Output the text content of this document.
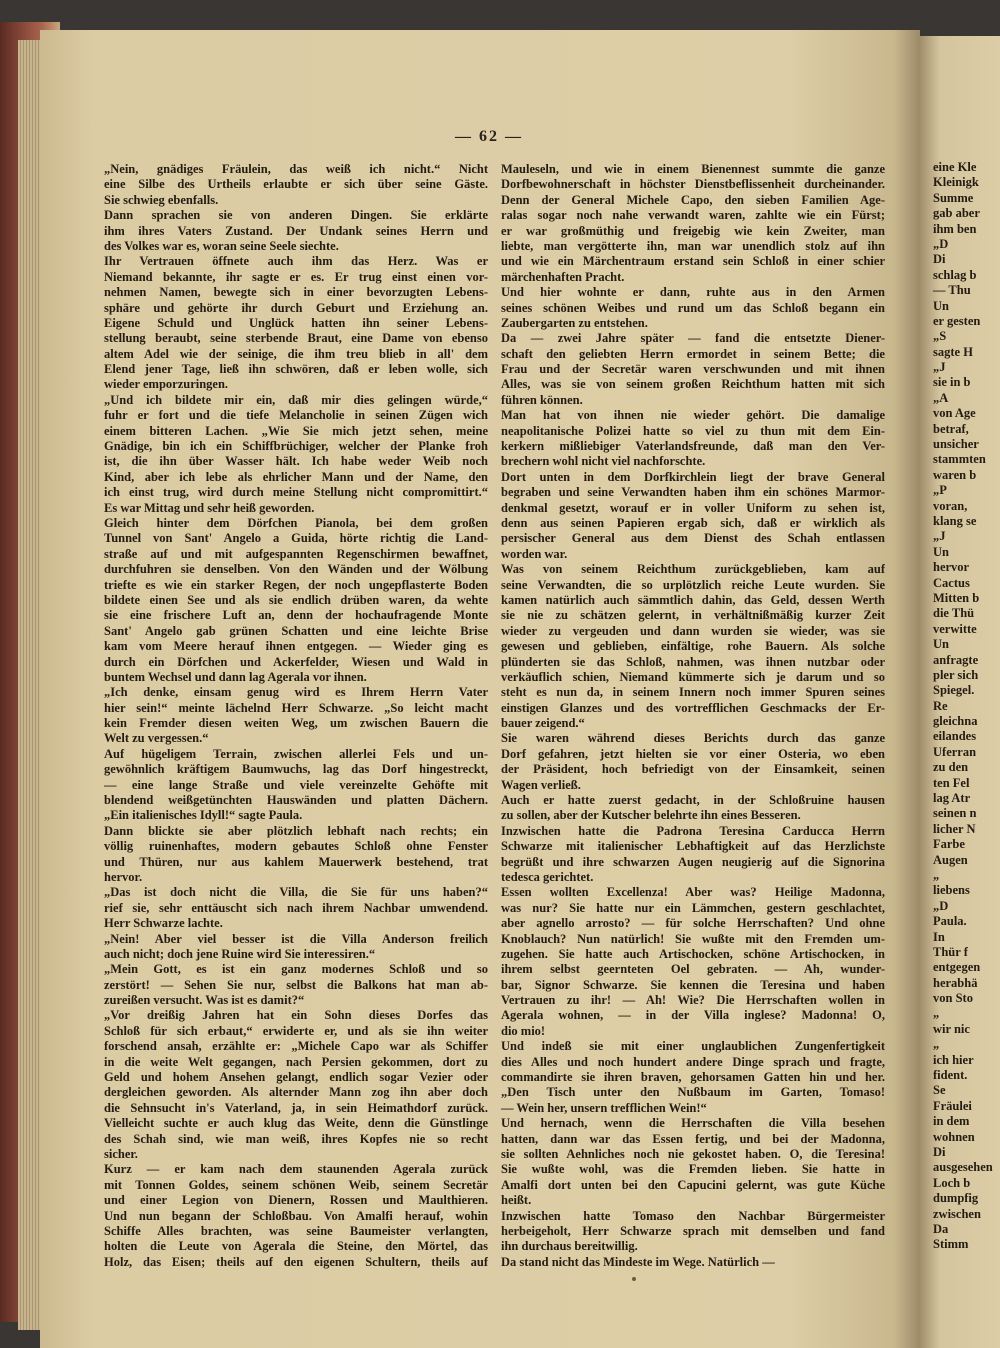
— 62 —
„Nein, gnädiges Fräulein, das weiß ich nicht.“ Nicht
eine Silbe des Urtheils erlaubte er sich über seine Gäste.
Sie schwieg ebenfalls.
Dann sprachen sie von anderen Dingen. Sie erklärte
ihm ihres Vaters Zustand. Der Undank seines Herrn und
des Volkes war es, woran seine Seele siechte.
Ihr Vertrauen öffnete auch ihm das Herz. Was er
Niemand bekannte, ihr sagte er es. Er trug einst einen vor-
nehmen Namen, bewegte sich in einer bevorzugten Lebens-
sphäre und gehörte ihr durch Geburt und Erziehung an.
Eigene Schuld und Unglück hatten ihn seiner Lebens-
stellung beraubt, seine sterbende Braut, eine Dame von ebenso
altem Adel wie der seinige, die ihm treu blieb in all' dem
Elend jener Tage, ließ ihn schwören, daß er leben wolle, sich
wieder emporzuringen.
„Und ich bildete mir ein, daß mir dies gelingen würde,“
fuhr er fort und die tiefe Melancholie in seinen Zügen wich
einem bitteren Lachen. „Wie Sie mich jetzt sehen, meine
Gnädige, bin ich ein Schiffbrüchiger, welcher der Planke froh
ist, die ihn über Wasser hält. Ich habe weder Weib noch
Kind, aber ich lebe als ehrlicher Mann und der Name, den
ich einst trug, wird durch meine Stellung nicht compromittirt.“
Es war Mittag und sehr heiß geworden.
Gleich hinter dem Dörfchen Pianola, bei dem großen
Tunnel von Sant' Angelo a Guida, hörte richtig die Land-
straße auf und mit aufgespannten Regenschirmen bewaffnet,
durchfuhren sie denselben. Von den Wänden und der Wölbung
triefte es wie ein starker Regen, der noch ungepflasterte Boden
bildete einen See und als sie endlich drüben waren, da wehte
sie eine frischere Luft an, denn der hochaufragende Monte
Sant' Angelo gab grünen Schatten und eine leichte Brise
kam vom Meere herauf ihnen entgegen. — Wieder ging es
durch ein Dörfchen und Ackerfelder, Wiesen und Wald in
buntem Wechsel und dann lag Agerala vor ihnen.
„Ich denke, einsam genug wird es Ihrem Herrn Vater
hier sein!“ meinte lächelnd Herr Schwarze. „So leicht macht
kein Fremder diesen weiten Weg, um zwischen Bauern die
Welt zu vergessen.“
Auf hügeligem Terrain, zwischen allerlei Fels und un-
gewöhnlich kräftigem Baumwuchs, lag das Dorf hingestreckt,
— eine lange Straße und viele vereinzelte Gehöfte mit
blendend weißgetünchten Hauswänden und platten Dächern.
„Ein italienisches Idyll!“ sagte Paula.
Dann blickte sie aber plötzlich lebhaft nach rechts; ein
völlig ruinenhaftes, modern gebautes Schloß ohne Fenster
und Thüren, nur aus kahlem Mauerwerk bestehend, trat
hervor.
„Das ist doch nicht die Villa, die Sie für uns haben?“
rief sie, sehr enttäuscht sich nach ihrem Nachbar umwendend.
Herr Schwarze lachte.
„Nein! Aber viel besser ist die Villa Anderson freilich
auch nicht; doch jene Ruine wird Sie interessiren.“
„Mein Gott, es ist ein ganz modernes Schloß und so
zerstört! — Sehen Sie nur, selbst die Balkons hat man ab-
zureißen versucht. Was ist es damit?“
„Vor dreißig Jahren hat ein Sohn dieses Dorfes das
Schloß für sich erbaut,“ erwiderte er, und als sie ihn weiter
forschend ansah, erzählte er: „Michele Capo war als Schiffer
in die weite Welt gegangen, nach Persien gekommen, dort zu
Geld und hohem Ansehen gelangt, endlich sogar Vezier oder
dergleichen geworden. Als alternder Mann zog ihn aber doch
die Sehnsucht in's Vaterland, ja, in sein Heimathdorf zurück.
Vielleicht suchte er auch klug das Weite, denn die Günstlinge
des Schah sind, wie man weiß, ihres Kopfes nie so recht
sicher.
Kurz — er kam nach dem staunenden Agerala zurück
mit Tonnen Goldes, seinem schönen Weib, seinem Secretär
und einer Legion von Dienern, Rossen und Maulthieren.
Und nun begann der Schloßbau. Von Amalfi herauf, wohin
Schiffe Alles brachten, was seine Baumeister verlangten,
holten die Leute von Agerala die Steine, den Mörtel, das
Holz, das Eisen; theils auf den eigenen Schultern, theils auf
Mauleseln, und wie in einem Bienennest summte die ganze
Dorfbewohnerschaft in höchster Dienstbeflissenheit durcheinander.
Denn der General Michele Capo, den sieben Familien Age-
ralas sogar noch nahe verwandt waren, zahlte wie ein Fürst;
er war großmüthig und freigebig wie kein Zweiter, man
liebte, man vergötterte ihn, man war unendlich stolz auf ihn
und wie ein Märchentraum erstand sein Schloß in einer schier
märchenhaften Pracht.
Und hier wohnte er dann, ruhte aus in den Armen
seines schönen Weibes und rund um das Schloß begann ein
Zaubergarten zu entstehen.
Da — zwei Jahre später — fand die entsetzte Diener-
schaft den geliebten Herrn ermordet in seinem Bette; die
Frau und der Secretär waren verschwunden und mit ihnen
Alles, was sie von seinem großen Reichthum hatten mit sich
führen können.
Man hat von ihnen nie wieder gehört. Die damalige
neapolitanische Polizei hatte so viel zu thun mit dem Ein-
kerkern mißliebiger Vaterlandsfreunde, daß man den Ver-
brechern wohl nicht viel nachforschte.
Dort unten in dem Dorfkirchlein liegt der brave General
begraben und seine Verwandten haben ihm ein schönes Marmor-
denkmal gesetzt, worauf er in voller Uniform zu sehen ist,
denn aus seinen Papieren ergab sich, daß er wirklich als
persischer General aus dem Dienst des Schah entlassen
worden war.
Was von seinem Reichthum zurückgeblieben, kam auf
seine Verwandten, die so urplötzlich reiche Leute wurden. Sie
kamen natürlich auch sämmtlich dahin, das Geld, dessen Werth
sie nie zu schätzen gelernt, in verhältnißmäßig kurzer Zeit
wieder zu vergeuden und dann wurden sie wieder, was sie
gewesen und geblieben, einfältige, rohe Bauern. Als solche
plünderten sie das Schloß, nahmen, was ihnen nutzbar oder
verkäuflich schien, Niemand kümmerte sich je darum und so
steht es nun da, in seinem Innern noch immer Spuren seines
einstigen Glanzes und des vortrefflichen Geschmacks der Er-
bauer zeigend.“
Sie waren während dieses Berichts durch das ganze
Dorf gefahren, jetzt hielten sie vor einer Osteria, wo eben
der Präsident, hoch befriedigt von der Einsamkeit, seinen
Wagen verließ.
Auch er hatte zuerst gedacht, in der Schloßruine hausen
zu sollen, aber der Kutscher belehrte ihn eines Besseren.
Inzwischen hatte die Padrona Teresina Carducca Herrn
Schwarze mit italienischer Lebhaftigkeit auf das Herzlichste
begrüßt und ihre schwarzen Augen neugierig auf die Signorina
tedesca gerichtet.
Essen wollten Excellenza! Aber was? Heilige Madonna,
was nur? Sie hatte nur ein Lämmchen, gestern geschlachtet,
aber agnello arrosto? — für solche Herrschaften? Und ohne
Knoblauch? Nun natürlich! Sie wußte mit den Fremden um-
zugehen. Sie hatte auch Artischocken, schöne Artischocken, in
ihrem selbst geernteten Oel gebraten. — Ah, wunder-
bar, Signor Schwarze. Sie kennen die Teresina und haben
Vertrauen zu ihr! — Ah! Wie? Die Herrschaften wollen in
Agerala wohnen, — in der Villa inglese? Madonna! O,
dio mio!
Und indeß sie mit einer unglaublichen Zungenfertigkeit
dies Alles und noch hundert andere Dinge sprach und fragte,
commandirte sie ihren braven, gehorsamen Gatten hin und her.
„Den Tisch unter den Nußbaum im Garten, Tomaso!
— Wein her, unsern trefflichen Wein!“
Und hernach, wenn die Herrschaften die Villa besehen
hatten, dann war das Essen fertig, und bei der Madonna,
sie sollten Aehnliches noch nie gekostet haben. O, die Teresina!
Sie wußte wohl, was die Fremden lieben. Sie hatte in
Amalfi dort unten bei den Capucini gelernt, was gute Küche
heißt.
Inzwischen hatte Tomaso den Nachbar Bürgermeister
herbeigeholt, Herr Schwarze sprach mit demselben und fand
ihn durchaus bereitwillig.
Da stand nicht das Mindeste im Wege. Natürlich —
eine Kle
Kleinigk
Summe
gab aber
ihm ben
„D
Di
schlag b
— Thu
Un
er gesten
„S
sagte H
„J
sie in b
„A
von Age
betraf,
unsicher
stammten
waren b
„P
voran,
klang se
„J
Un
hervor
Cactus
Mitten b
die Thü
verwitte
Un
anfragte
pler sich
Spiegel.
Re
gleichna
eilandes
Uferran
zu den
ten Fel
lag Atr
seinen n
licher N
Farbe
Augen
„
liebens
„D
Paula.
In
Thür f
entgegen
herabhä
von Sto
„
wir nic
„
ich hier
fident.
Se
Fräulei
in dem
wohnen
Di
ausgesehen
Loch b
dumpfig
zwischen
Da
Stimm
